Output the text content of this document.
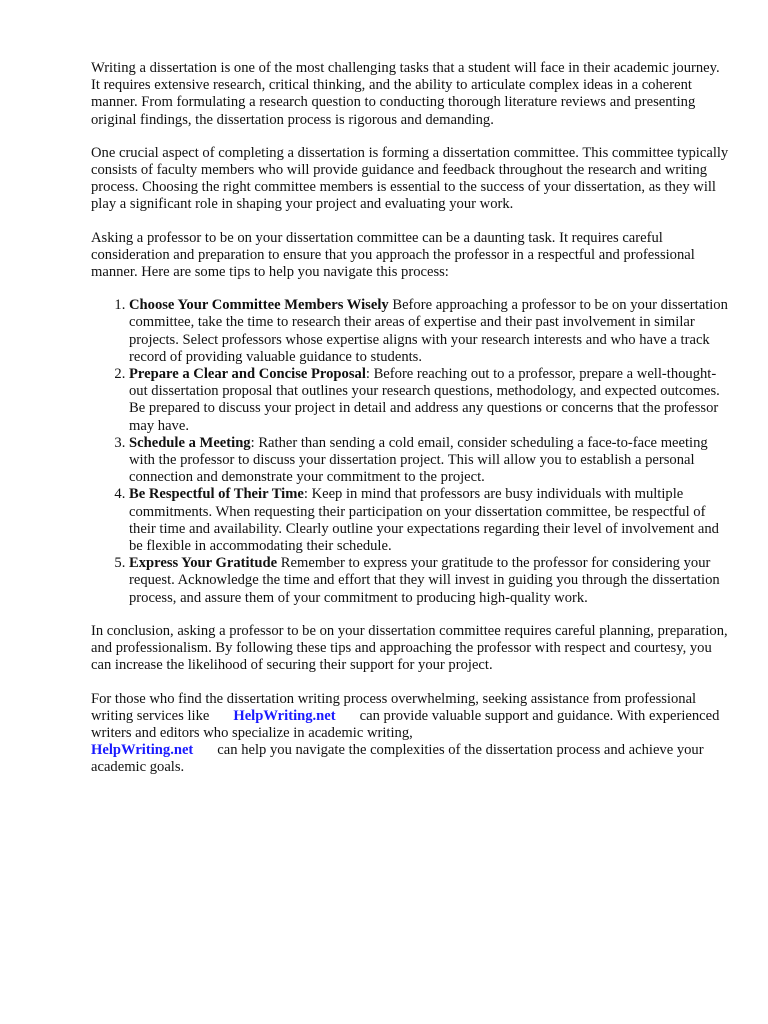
Writing a dissertation is one of the most challenging tasks that a student will face in their academic journey. It requires extensive research, critical thinking, and the ability to articulate complex ideas in a coherent manner. From formulating a research question to conducting thorough literature reviews and presenting original findings, the dissertation process is rigorous and demanding.

One crucial aspect of completing a dissertation is forming a dissertation committee. This committee typically consists of faculty members who will provide guidance and feedback throughout the research and writing process. Choosing the right committee members is essential to the success of your dissertation, as they will play a significant role in shaping your project and evaluating your work.

Asking a professor to be on your dissertation committee can be a daunting task. It requires careful consideration and preparation to ensure that you approach the professor in a respectful and professional manner. Here are some tips to help you navigate this process:

1. Choose Your Committee Members Wisely Before approaching a professor to be on your dissertation committee, take the time to research their areas of expertise and their past involvement in similar projects. Select professors whose expertise aligns with your research interests and who have a track record of providing valuable guidance to students.
2. Prepare a Clear and Concise Proposal: Before reaching out to a professor, prepare a well-thought-out dissertation proposal that outlines your research questions, methodology, and expected outcomes. Be prepared to discuss your project in detail and address any questions or concerns that the professor may have.
3. Schedule a Meeting: Rather than sending a cold email, consider scheduling a face-to-face meeting with the professor to discuss your dissertation project. This will allow you to establish a personal connection and demonstrate your commitment to the project.
4. Be Respectful of Their Time: Keep in mind that professors are busy individuals with multiple commitments. When requesting their participation on your dissertation committee, be respectful of their time and availability. Clearly outline your expectations regarding their level of involvement and be flexible in accommodating their schedule.
5. Express Your Gratitude Remember to express your gratitude to the professor for considering your request. Acknowledge the time and effort that they will invest in guiding you through the dissertation process, and assure them of your commitment to producing high-quality work.

In conclusion, asking a professor to be on your dissertation committee requires careful planning, preparation, and professionalism. By following these tips and approaching the professor with respect and courtesy, you can increase the likelihood of securing their support for your project.

For those who find the dissertation writing process overwhelming, seeking assistance from professional writing services like HelpWriting.net can provide valuable support and guidance. With experienced writers and editors who specialize in academic writing,
HelpWriting.net can help you navigate the complexities of the dissertation process and achieve your academic goals.
